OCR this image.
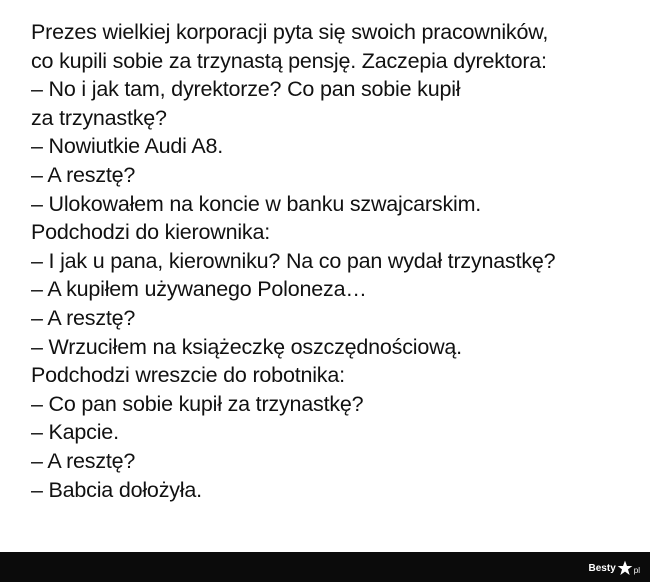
Prezes wielkiej korporacji pyta się swoich pracowników,
co kupili sobie za trzynastą pensję. Zaczepia dyrektora:
– No i jak tam, dyrektorze? Co pan sobie kupił
za trzynastkę?
– Nowiutkie Audi A8.
– A resztę?
– Ulokowałem na koncie w banku szwajcarskim.
Podchodzi do kierownika:
– I jak u pana, kierowniku? Na co pan wydał trzynastkę?
– A kupiłem używanego Poloneza…
– A resztę?
– Wrzuciłem na książeczkę oszczędnościową.
Podchodzi wreszcie do robotnika:
– Co pan sobie kupił za trzynastkę?
– Kapcie.
– A resztę?
– Babcia dołożyła.
Besty pl
